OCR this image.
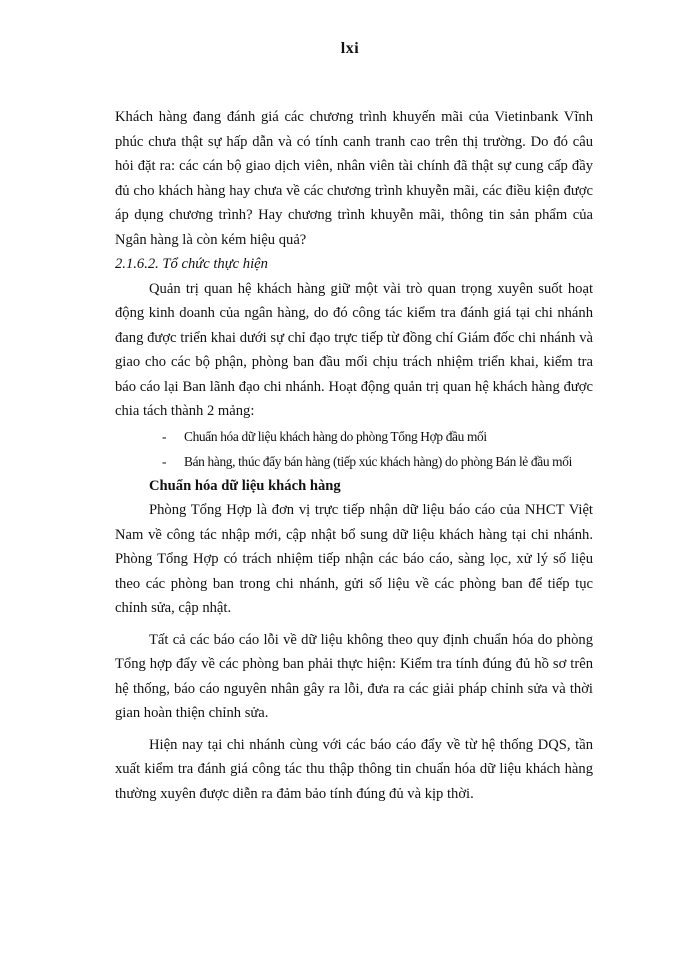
lxi

Khách hàng đang đánh giá các chương trình khuyến mãi của Vietinbank Vĩnh phúc chưa thật sự hấp dẫn và có tính canh tranh cao trên thị trường. Do đó câu hỏi đặt ra: các cán bộ giao dịch viên, nhân viên tài chính đã thật sự cung cấp đầy đủ cho khách hàng hay chưa về các chương trình khuyễn mãi, các điều kiện được áp dụng chương trình? Hay chương trình khuyễn mãi, thông tin sản phẩm của Ngân hàng là còn kém hiệu quả?

2.1.6.2. Tổ chức thực hiện

Quản trị quan hệ khách hàng giữ một vài trò quan trọng xuyên suốt hoạt động kinh doanh của ngân hàng, do đó công tác kiểm tra đánh giá tại chi nhánh đang được triển khai dưới sự chỉ đạo trực tiếp từ đồng chí Giám đốc chi nhánh và giao cho các bộ phận, phòng ban đầu mối chịu trách nhiệm triển khai, kiểm tra báo cáo lại Ban lãnh đạo chi nhánh. Hoạt động quản trị quan hệ khách hàng được chia tách thành 2 mảng:

- Chuẩn hóa dữ liệu khách hàng do phòng Tổng Hợp đầu mối
- Bán hàng, thúc đẩy bán hàng (tiếp xúc khách hàng) do phòng Bán lẻ đầu mối

Chuẩn hóa dữ liệu khách hàng

Phòng Tổng Hợp là đơn vị trực tiếp nhận dữ liệu báo cáo của NHCT Việt Nam về công tác nhập mới, cập nhật bổ sung dữ liệu khách hàng tại chi nhánh. Phòng Tổng Hợp có trách nhiệm tiếp nhận các báo cáo, sàng lọc, xử lý số liệu theo các phòng ban trong chi nhánh, gửi số liệu về các phòng ban để tiếp tục chỉnh sửa, cập nhật.

Tất cả các báo cáo lỗi về dữ liệu không theo quy định chuẩn hóa do phòng Tổng hợp đẩy về các phòng ban phải thực hiện: Kiểm tra tính đúng đủ hồ sơ trên hệ thống, báo cáo nguyên nhân gây ra lỗi, đưa ra các giải pháp chỉnh sửa và thời gian hoàn thiện chỉnh sửa.

Hiện nay tại chi nhánh cùng với các báo cáo đẩy về từ hệ thống DQS, tần xuất kiểm tra đánh giá công tác thu thập thông tin chuẩn hóa dữ liệu khách hàng thường xuyên được diễn ra đảm bảo tính đúng đủ và kịp thời.
